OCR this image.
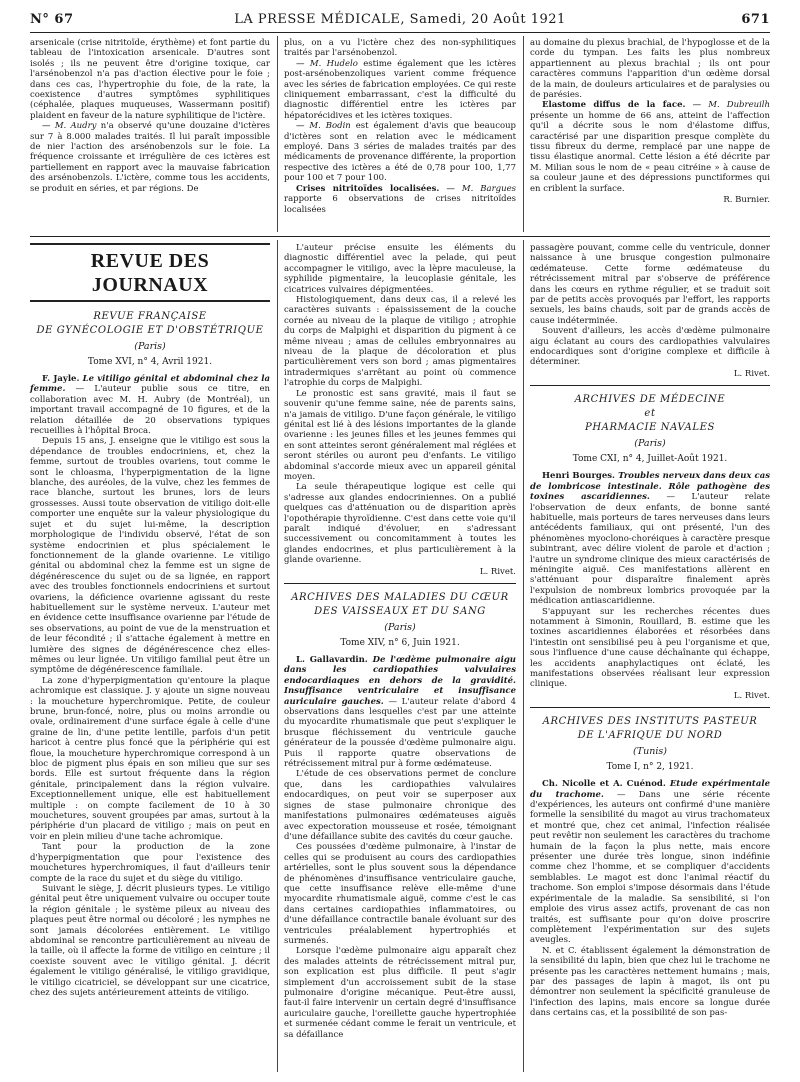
N° 67	LA PRESSE MÉDICALE, Samedi, 20 Août 1921	671

arsenicale (crise nitritoïde, érythème) et font partie du tableau de l'intoxication arsenicale. D'autres sont isolés ; ils ne peuvent être d'origine toxique, car l'arsénobenzol n'a pas d'action élective pour le foie ; dans ces cas, l'hypertrophie du foie, de la rate, la coexistence d'autres symptômes syphilitiques (céphalée, plaques muqueuses, Wassermann positif) plaident en faveur de la nature syphilitique de l'ictère.

— M. Audry n'a observé qu'une douzaine d'ictères sur 7 à 8.000 malades traités. Il lui paraît impossible de nier l'action des arsénobenzols sur le foie. La fréquence croissante et irrégulière de ces ictères est partiellement en rapport avec la mauvaise fabrication des arsénobenzols. L'ictère, comme tous les accidents, se produit en séries, et par régions. De

plus, on a vu l'ictère chez des non-syphilitiques traités par l'arsénobenzol.

— M. Hudelo estime également que les ictères post-arsénobenzoliques varient comme fréquence avec les séries de fabrication employées. Ce qui reste cliniquement embarrassant, c'est la difficulté du diagnostic différentiel entre les ictères par hépatorécidives et les ictères toxiques.

— M. Bodin est également d'avis que beaucoup d'ictères sont en relation avec le médicament employé. Dans 3 séries de malades traités par des médicaments de provenance différente, la proportion respective des ictères a été de 0,78 pour 100, 1,77 pour 100 et 7 pour 100.

Crises nitritoïdes localisées. — M. Bargues rapporte 6 observations de crises nitritoïdes localisées

au domaine du plexus brachial, de l'hypoglosse et de la corde du tympan. Les faits les plus nombreux appartiennent au plexus brachial ; ils ont pour caractères communs l'apparition d'un œdème dorsal de la main, de douleurs articulaires et de paralysies ou de parésies.

Elastome diffus de la face. — M. Dubreuilh présente un homme de 66 ans, atteint de l'affection qu'il a décrite sous le nom d'élastome diffus, caractérisé par une disparition presque complète du tissu fibreux du derme, remplacé par une nappe de tissu élastique anormal. Cette lésion a été décrite par M. Milian sous le nom de « peau citréine » à cause de sa couleur jaune et des dépressions punctiformes qui en criblent la surface.

R. Burnier.

REVUE DES JOURNAUX
REVUE FRANÇAISE
DE GYNÉCOLOGIE ET D'OBSTÉTRIQUE
(Paris)
Tome XVI, n° 4, Avril 1921.

F. Jayle. Le vitiligo génital et abdominal chez la femme. — L'auteur publie sous ce titre, en collaboration avec M. H. Aubry (de Montréal), un important travail accompagné de 10 figures, et de la relation détaillée de 20 observations typiques recueillies à l'hôpital Broca.

Depuis 15 ans, J. enseigne que le vitiligo est sous la dépendance de troubles endocriniens, et, chez la femme, surtout de troubles ovariens, tout comme le sont le chloasma, l'hyperpigmentation de la ligne blanche, des auréoles, de la vulve, chez les femmes de race blanche, surtout les brunes, lors de leurs grossesses. Aussi toute observation de vitiligo doit-elle comporter une enquête sur la valeur physiologique du sujet et du sujet lui-même, la description morphologique de l'individu observé, l'état de son système endocrinien et plus spécialement le fonctionnement de la glande ovarienne. Le vitiligo génital ou abdominal chez la femme est un signe de dégénérescence du sujet ou de sa lignée, en rapport avec des troubles fonctionnels endocriniens et surtout ovariens, la déficience ovarienne agissant du reste habituellement sur le système nerveux. L'auteur met en évidence cette insuffisance ovarienne par l'étude de ses observations, au point de vue de la menstruation et de leur fécondité ; il s'attache également à mettre en lumière des signes de dégénérescence chez elles-mêmes ou leur lignée. Un vitiligo familial peut être un symptôme de dégénérescence familiale.

La zone d'hyperpigmentation qu'entoure la plaque achromique est classique. J. y ajoute un signe nouveau : la moucheture hyperchromique. Petite, de couleur brune, brun-foncé, noire, plus ou moins arrondie ou ovale, ordinairement d'une surface égale à celle d'une graine de lin, d'une petite lentille, parfois d'un petit haricot à centre plus foncé que la périphérie qui est floue, la moucheture hyperchromique correspond à un bloc de pigment plus épais en son milieu que sur ses bords. Elle est surtout fréquente dans la région génitale, principalement dans la région vulvaire. Exceptionnellement unique, elle est habituellement multiple : on compte facilement de 10 à 30 mouchetures, souvent groupées par amas, surtout à la périphérie d'un placard de vitiligo ; mais on peut en voir en plein milieu d'une tache achromique.

Tant pour la production de la zone d'hyperpigmentation que pour l'existence des mouchetures hyperchromiques, il faut d'ailleurs tenir compte de la race du sujet et du siège du vitiligo.

Suivant le siège, J. décrit plusieurs types. Le vitiligo génital peut être uniquement vulvaire ou occuper toute la région génitale ; le système pileux au niveau des plaques peut être normal ou décoloré ; les nymphes ne sont jamais décolorées entièrement. Le vitiligo abdominal se rencontre particulièrement au niveau de la taille, où il affecte la forme de vitiligo en ceinture ; il coexiste souvent avec le vitiligo génital. J. décrit également le vitiligo généralisé, le vitiligo gravidique, le vitiligo cicatriciel, se développant sur une cicatrice, chez des sujets antérieurement atteints de vitiligo.

L'auteur précise ensuite les éléments du diagnostic différentiel avec la pelade, qui peut accompagner le vitiligo, avec la lèpre maculeuse, la syphilide pigmentaire, la leucoplasie génitale, les cicatrices vulvaires dépigmentées.

Histologiquement, dans deux cas, il a relevé les caractères suivants : épaississement de la couche cornée au niveau de la plaque de vitiligo ; atrophie du corps de Malpighi et disparition du pigment à ce même niveau ; amas de cellules embryonnaires au niveau de la plaque de décoloration et plus particulièrement vers son bord ; amas pigmentaires intradermiques s'arrêtant au point où commence l'atrophie du corps de Malpighi.

Le pronostic est sans gravité, mais il faut se souvenir qu'une femme saine, née de parents sains, n'a jamais de vitiligo. D'une façon générale, le vitiligo génital est lié à des lésions importantes de la glande ovarienne : les jeunes filles et les jeunes femmes qui en sont atteintes seront généralement mal réglées et seront stériles ou auront peu d'enfants. Le vitiligo abdominal s'accorde mieux avec un appareil génital moyen.

La seule thérapeutique logique est celle qui s'adresse aux glandes endocriniennes. On a publié quelques cas d'atténuation ou de disparition après l'opothérapie thyroïdienne. C'est dans cette voie qu'il paraît indiqué d'évoluer, en s'adressant successivement ou concomitamment à toutes les glandes endocrines, et plus particulièrement à la glande ovarienne.

L. Rivet.

ARCHIVES DES MALADIES DU CŒUR
DES VAISSEAUX ET DU SANG
(Paris)
Tome XIV, n° 6, Juin 1921.

L. Gallavardin. De l'œdème pulmonaire aigu dans les cardiopathies valvulaires endocardiaques en dehors de la gravidité. Insuffisance ventriculaire et insuffisance auriculaire gauches. — L'auteur relate d'abord 4 observations dans lesquelles c'est par une atteinte du myocardite rhumatismale que peut s'expliquer le brusque fléchissement du ventricule gauche générateur de la poussée d'œdème pulmonaire aigu. Puis il rapporte quatre observations de rétrécissement mitral pur à forme œdémateuse.

L'étude de ces observations permet de conclure que, dans les cardiopathies valvulaires endocardiques, on peut voir se superposer aux signes de stase pulmonaire chronique des manifestations pulmonaires œdémateuses aiguës avec expectoration mousseuse et rosée, témoignant d'une défaillance subite des cavités du cœur gauche.

Ces poussées d'œdème pulmonaire, à l'instar de celles qui se produisent au cours des cardiopathies artérielles, sont le plus souvent sous la dépendance de phénomènes d'insuffisance ventriculaire gauche, que cette insuffisance relève elle-même d'une myocardite rhumatismale aiguë, comme c'est le cas dans certaines cardiopathies inflammatoires, ou d'une défaillance contractile banale évoluant sur des ventricules préalablement hypertrophiés et surmenés.

Lorsque l'œdème pulmonaire aigu apparaît chez des malades atteints de rétrécissement mitral pur, son explication est plus difficile. Il peut s'agir simplement d'un accroissement subit de la stase pulmonaire d'origine mécanique. Peut-être aussi, faut-il faire intervenir un certain degré d'insuffisance auriculaire gauche, l'oreillette gauche hypertrophiée et surmenée cédant comme le ferait un ventricule, et sa défaillance

passagère pouvant, comme celle du ventricule, donner naissance à une brusque congestion pulmonaire œdémateuse. Cette forme œdémateuse du rétrécissement mitral par s'observe de préférence dans les cœurs en rythme régulier, et se traduit soit par de petits accès provoqués par l'effort, les rapports sexuels, les bains chauds, soit par de grands accès de cause indéterminée.

Souvent d'ailleurs, les accès d'œdème pulmonaire aigu éclatant au cours des cardiopathies valvulaires endocardiques sont d'origine complexe et difficile à déterminer.

L. Rivet.

ARCHIVES DE MÉDECINE
et
PHARMACIE NAVALES
(Paris)
Tome CXI, n° 4, Juillet-Août 1921.

Henri Bourges. Troubles nerveux dans deux cas de lombricose intestinale. Rôle pathogène des toxines ascaridiennes. — L'auteur relate l'observation de deux enfants, de bonne santé habituelle, mais porteurs de tares nerveuses dans leurs antécédents familiaux, qui ont présenté, l'un des phénomènes myoclono-choréiques à caractère presque subintrant, avec délire violent de parole et d'action ; l'autre un syndrome clinique des mieux caractérisés de méningite aiguë. Ces manifestations allèrent en s'atténuant pour disparaître finalement après l'expulsion de nombreux lombrics provoquée par la médication antiascaridienne.

S'appuyant sur les recherches récentes dues notamment à Simonin, Rouillard, B. estime que les toxines ascaridiennes élaborées et résorbées dans l'intestin ont sensibilisé peu à peu l'organisme et que, sous l'influence d'une cause déchaînante qui échappe, les accidents anaphylactiques ont éclaté, les manifestations observées réalisant leur expression clinique.

L. Rivet.

ARCHIVES DES INSTITUTS PASTEUR
DE L'AFRIQUE DU NORD
(Tunis)
Tome I, n° 2, 1921.

Ch. Nicolle et A. Cuénod. Etude expérimentale du trachome. — Dans une série récente d'expériences, les auteurs ont confirmé d'une manière formelle la sensibilité du magot au virus trachomateux et montré que, chez cet animal, l'infection réalisée peut revêtir non seulement les caractères du trachome humain de la façon la plus nette, mais encore présenter une durée très longue, sinon indéfinie comme chez l'homme, et se compliquer d'accidents semblables. Le magot est donc l'animal réactif du trachome. Son emploi s'impose désormais dans l'étude expérimentale de la maladie. Sa sensibilité, si l'on emploie des virus assez actifs, provenant de cas non traités, est suffisante pour qu'on doive proscrire complètement l'expérimentation sur des sujets aveugles.

N. et C. établissent également la démonstration de la sensibilité du lapin, bien que chez lui le trachome ne présente pas les caractères nettement humains ; mais, par des passages de lapin à magot, ils ont pu démontrer non seulement la spécificité granuleuse de l'infection des lapins, mais encore sa longue durée dans certains cas, et la possibilité de son pas-
